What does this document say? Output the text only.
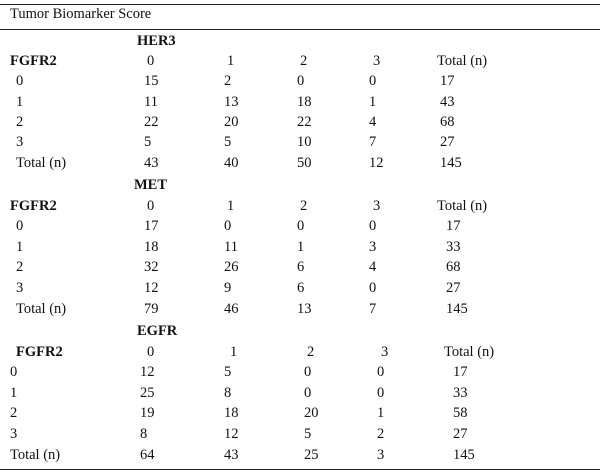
Tumor Biomarker Score
HER3
FGFR2	0	1	2	3	Total (n)
0	15	2	0	0	17
1	11	13	18	1	43
2	22	20	22	4	68
3	5	5	10	7	27
Total (n)	43	40	50	12	145
MET
FGFR2	0	1	2	3	Total (n)
0	17	0	0	0	17
1	18	11	1	3	33
2	32	26	6	4	68
3	12	9	6	0	27
Total (n)	79	46	13	7	145
EGFR
FGFR2	0	1	2	3	Total (n)
0	12	5	0	0	17
1	25	8	0	0	33
2	19	18	20	1	58
3	8	12	5	2	27
Total (n)	64	43	25	3	145
